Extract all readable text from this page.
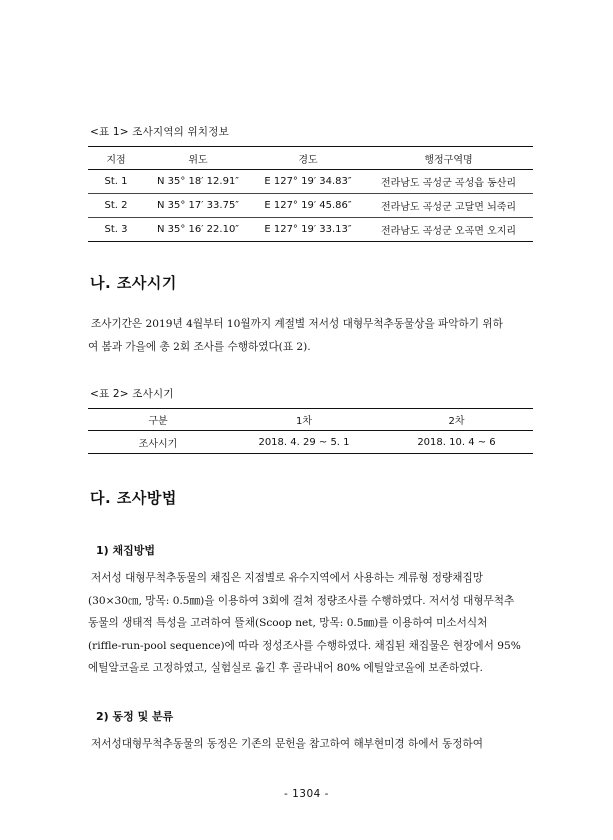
<표 1> 조사지역의 위치정보
지점	위도	경도	행정구역명
St. 1	N 35° 18′ 12.91″	E 127° 19′ 34.83″	전라남도 곡성군 곡성읍 동산리
St. 2	N 35° 17′ 33.75″	E 127° 19′ 45.86″	전라남도 곡성군 고달면 뇌죽리
St. 3	N 35° 16′ 22.10″	E 127° 19′ 33.13″	전라남도 곡성군 오곡면 오지리
나. 조사시기

조사기간은 2019년 4월부터 10월까지 계절별 저서성 대형무척추동물상을 파악하기 위하

여 봄과 가을에 총 2회 조사를 수행하였다(표 2).

<표 2> 조사시기
구분	1차	2차
조사시기	2018. 4. 29 ~ 5. 1	2018. 10. 4 ~ 6
다. 조사방법
1) 채집방법

저서성 대형무척추동물의 채집은 지점별로 유수지역에서 사용하는 계류형 정량채집망

(30×30㎝, 망목: 0.5㎜)을 이용하여 3회에 걸쳐 정량조사를 수행하였다. 저서성 대형무척추

동물의 생태적 특성을 고려하여 뜰채(Scoop net, 망목: 0.5㎜)를 이용하여 미소서식처

(riffle-run-pool sequence)에 따라 정성조사를 수행하였다. 채집된 채집물은 현장에서 95%

에틸알코올로 고정하였고, 실험실로 옮긴 후 골라내어 80% 에틸알코올에 보존하였다.

2) 동정 및 분류

저서성대형무척추동물의 동정은 기존의 문헌을 참고하여 해부현미경 하에서 동정하여

- 1304 -
